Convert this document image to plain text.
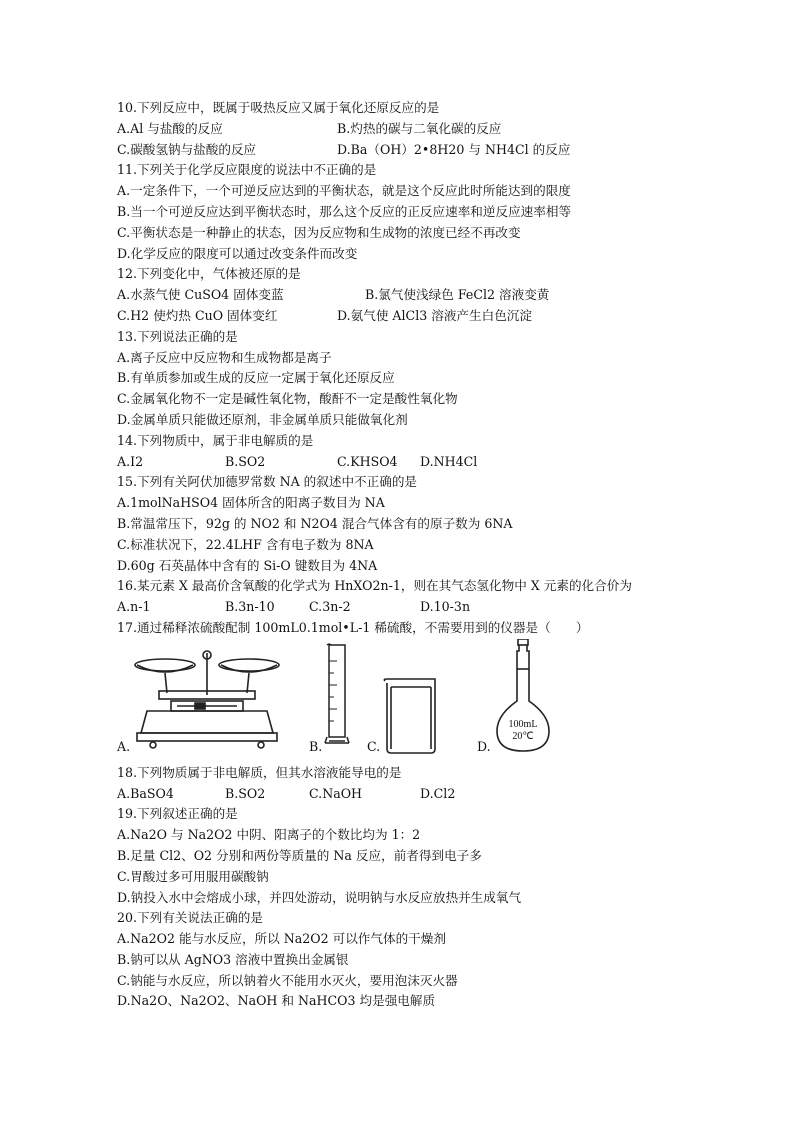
10.下列反应中，既属于吸热反应又属于氧化还原反应的是
A.Al 与盐酸的反应	B.灼热的碳与二氧化碳的反应
C.碳酸氢钠与盐酸的反应	D.Ba（OH）2•8H20 与 NH4Cl 的反应
11.下列关于化学反应限度的说法中不正确的是
A.一定条件下，一个可逆反应达到的平衡状态，就是这个反应此时所能达到的限度
B.当一个可逆反应达到平衡状态时，那么这个反应的正反应速率和逆反应速率相等
C.平衡状态是一种静止的状态，因为反应物和生成物的浓度已经不再改变
D.化学反应的限度可以通过改变条件而改变
12.下列变化中，气体被还原的是
A.水蒸气使 CuSO4 固体变蓝	B.氯气使浅绿色 FeCl2 溶液变黄
C.H2 使灼热 CuO 固体变红	D.氨气使 AlCl3 溶液产生白色沉淀
13.下列说法正确的是
A.离子反应中反应物和生成物都是离子
B.有单质参加或生成的反应一定属于氧化还原反应
C.金属氧化物不一定是碱性氧化物，酸酐不一定是酸性氧化物
D.金属单质只能做还原剂，非金属单质只能做氧化剂
14.下列物质中，属于非电解质的是
A.I2	B.SO2	C.KHSO4 D.NH4Cl
15.下列有关阿伏加德罗常数 NA 的叙述中不正确的是
A.1molNaHSO4 固体所含的阳离子数目为 NA
B.常温常压下，92g 的 NO2 和 N2O4 混合气体含有的原子数为 6NA
C.标准状况下，22.4LHF 含有电子数为 8NA
D.60g 石英晶体中含有的 Si-O 键数目为 4NA
16.某元素 X 最高价含氧酸的化学式为 HnXO2n-1，则在其气态氢化物中 X 元素的化合价为
A.n-1	B.3n-10	C.3n-2	D.10-3n
17.通过稀释浓硫酸配制 100mL0.1mol•L-1 稀硫酸，不需要用到的仪器是（　　）
A.	B.	C.
100mL
20℃
D.
18.下列物质属于非电解质，但其水溶液能导电的是
A.BaSO4	B.SO2	C.NaOH	D.Cl2
19.下列叙述正确的是
A.Na2O 与 Na2O2 中阴、阳离子的个数比均为 1：2
B.足量 Cl2、O2 分别和两份等质量的 Na 反应，前者得到电子多
C.胃酸过多可用服用碳酸钠
D.钠投入水中会熔成小球，并四处游动，说明钠与水反应放热并生成氧气
20.下列有关说法正确的是
A.Na2O2 能与水反应，所以 Na2O2 可以作气体的干燥剂
B.钠可以从 AgNO3 溶液中置换出金属银
C.钠能与水反应，所以钠着火不能用水灭火，要用泡沫灭火器
D.Na2O、Na2O2、NaOH 和 NaHCO3 均是强电解质
